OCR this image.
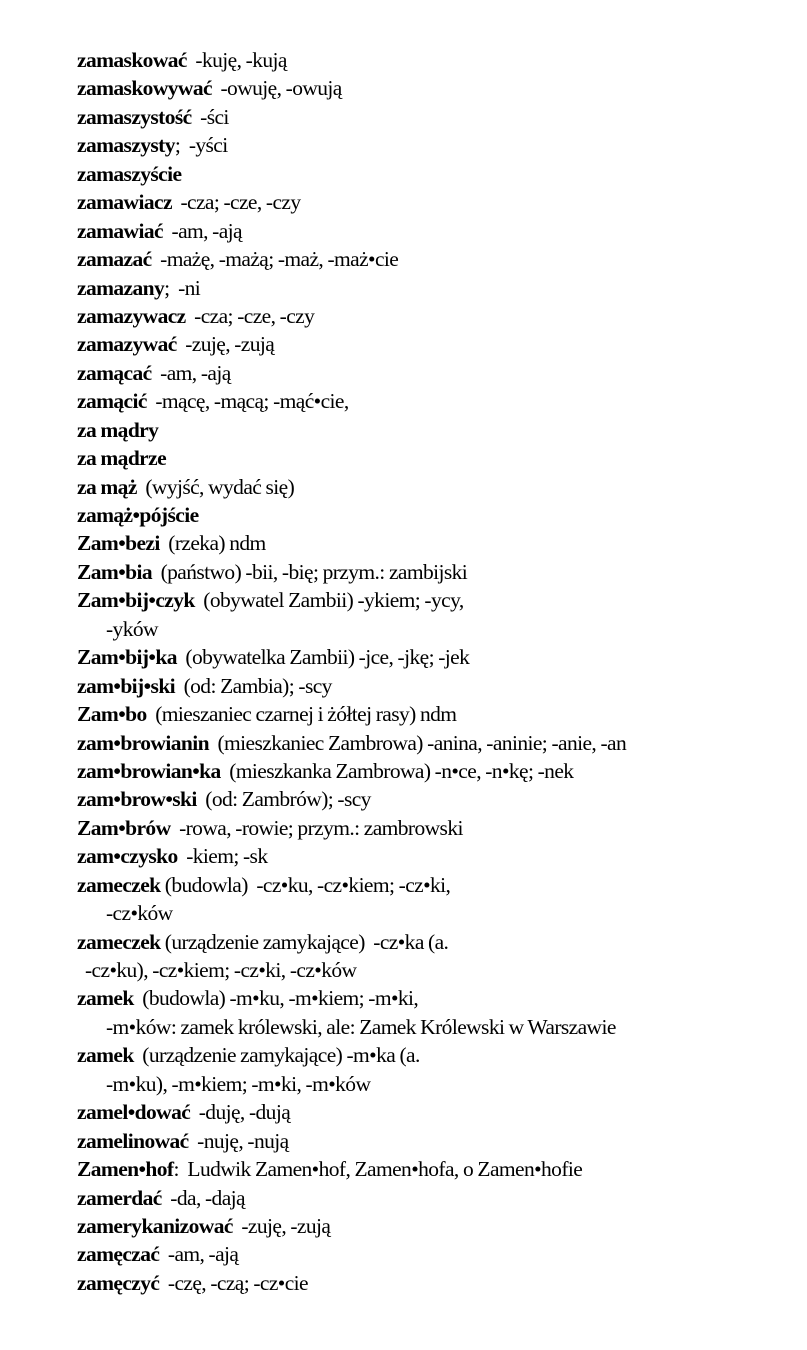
zamaskować  -kuję, -kują
zamaskowywać  -owuję, -owują
zamaszystość  -ści
zamaszysty;  -yści
zamaszyście
zamawiacz  -cza; -cze, -czy
zamawiać  -am, -ają
zamazać  -mażę, -mażą; -maż, -maż•cie
zamazany;  -ni
zamazywacz  -cza; -cze, -czy
zamazywać  -zuję, -zują
zamącać  -am, -ają
zamącić  -mącę, -mącą; -mąć•cie,
za mądry
za mądrze
za mąż  (wyjść, wydać się)
zamąż•pójście
Zam•bezi  (rzeka) ndm
Zam•bia  (państwo) -bii, -bię; przym.: zambijski
Zam•bij•czyk  (obywatel Zambii) -ykiem; -ycy,
-yków
Zam•bij•ka  (obywatelka Zambii) -jce, -jkę; -jek
zam•bij•ski  (od: Zambia); -scy
Zam•bo  (mieszaniec czarnej i żółtej rasy) ndm
zam•browianin  (mieszkaniec Zambrowa) -anina, -aninie; -anie, -an
zam•browian•ka  (mieszkanka Zambrowa) -n•ce, -n•kę; -nek
zam•brow•ski  (od: Zambrów); -scy
Zam•brów  -rowa, -rowie; przym.: zambrowski
zam•czysko  -kiem; -sk
zameczek (budowla)  -cz•ku, -cz•kiem; -cz•ki,
-cz•ków
zameczek (urządzenie zamykające)  -cz•ka (a.
-cz•ku), -cz•kiem; -cz•ki, -cz•ków
zamek  (budowla) -m•ku, -m•kiem; -m•ki,
-m•ków: zamek królewski, ale: Zamek Królewski w Warszawie
zamek  (urządzenie zamykające) -m•ka (a.
-m•ku), -m•kiem; -m•ki, -m•ków
zamel•dować  -duję, -dują
zamelinować  -nuję, -nują
Zamen•hof:  Ludwik Zamen•hof, Zamen•hofa, o Zamen•hofie
zamerdać  -da, -dają
zamerykanizować  -zuję, -zują
zamęczać  -am, -ają
zamęczyć  -czę, -czą; -cz•cie
